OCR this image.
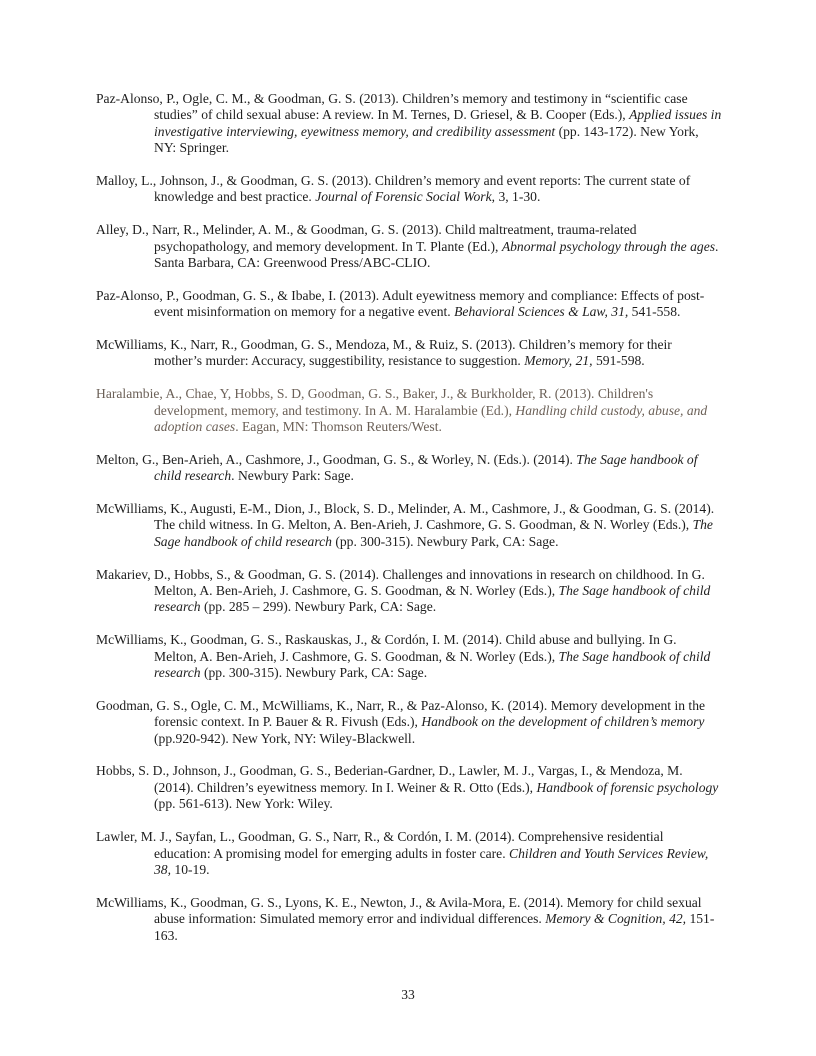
Paz-Alonso, P., Ogle, C. M., & Goodman, G. S. (2013). Children’s memory and testimony in “scientific case studies” of child sexual abuse: A review. In M. Ternes, D. Griesel, & B. Cooper (Eds.), Applied issues in investigative interviewing, eyewitness memory, and credibility assessment (pp. 143-172). New York, NY: Springer.

Malloy, L., Johnson, J., & Goodman, G. S. (2013). Children’s memory and event reports: The current state of knowledge and best practice. Journal of Forensic Social Work, 3, 1-30.

Alley, D., Narr, R., Melinder, A. M., & Goodman, G. S. (2013). Child maltreatment, trauma-related psychopathology, and memory development. In T. Plante (Ed.), Abnormal psychology through the ages. Santa Barbara, CA: Greenwood Press/ABC-CLIO.

Paz-Alonso, P., Goodman, G. S., & Ibabe, I. (2013). Adult eyewitness memory and compliance: Effects of post-event misinformation on memory for a negative event. Behavioral Sciences & Law, 31, 541-558.

McWilliams, K., Narr, R., Goodman, G. S., Mendoza, M., & Ruiz, S. (2013). Children’s memory for their mother’s murder: Accuracy, suggestibility, resistance to suggestion. Memory, 21, 591-598.

Haralambie, A., Chae, Y, Hobbs, S. D, Goodman, G. S., Baker, J., & Burkholder, R. (2013). Children's development, memory, and testimony. In A. M. Haralambie (Ed.), Handling child custody, abuse, and adoption cases. Eagan, MN: Thomson Reuters/West.

Melton, G., Ben-Arieh, A., Cashmore, J., Goodman, G. S., & Worley, N. (Eds.). (2014). The Sage handbook of child research. Newbury Park: Sage.

McWilliams, K., Augusti, E-M., Dion, J., Block, S. D., Melinder, A. M., Cashmore, J., & Goodman, G. S. (2014). The child witness. In G. Melton, A. Ben-Arieh, J. Cashmore, G. S. Goodman, & N. Worley (Eds.), The Sage handbook of child research (pp. 300-315). Newbury Park, CA: Sage.

Makariev, D., Hobbs, S., & Goodman, G. S. (2014). Challenges and innovations in research on childhood. In G. Melton, A. Ben-Arieh, J. Cashmore, G. S. Goodman, & N. Worley (Eds.), The Sage handbook of child research (pp. 285 – 299). Newbury Park, CA: Sage.

McWilliams, K., Goodman, G. S., Raskauskas, J., & Cordón, I. M. (2014). Child abuse and bullying. In G. Melton, A. Ben-Arieh, J. Cashmore, G. S. Goodman, & N. Worley (Eds.), The Sage handbook of child research (pp. 300-315). Newbury Park, CA: Sage.

Goodman, G. S., Ogle, C. M., McWilliams, K., Narr, R., & Paz-Alonso, K. (2014). Memory development in the forensic context. In P. Bauer & R. Fivush (Eds.), Handbook on the development of children’s memory (pp.920-942). New York, NY: Wiley-Blackwell.

Hobbs, S. D., Johnson, J., Goodman, G. S., Bederian-Gardner, D., Lawler, M. J., Vargas, I., & Mendoza, M. (2014). Children’s eyewitness memory. In I. Weiner & R. Otto (Eds.), Handbook of forensic psychology (pp. 561-613). New York: Wiley.

Lawler, M. J., Sayfan, L., Goodman, G. S., Narr, R., & Cordón, I. M. (2014). Comprehensive residential education: A promising model for emerging adults in foster care. Children and Youth Services Review, 38, 10-19.

McWilliams, K., Goodman, G. S., Lyons, K. E., Newton, J., & Avila-Mora, E. (2014). Memory for child sexual abuse information: Simulated memory error and individual differences. Memory & Cognition, 42, 151-163.

33
